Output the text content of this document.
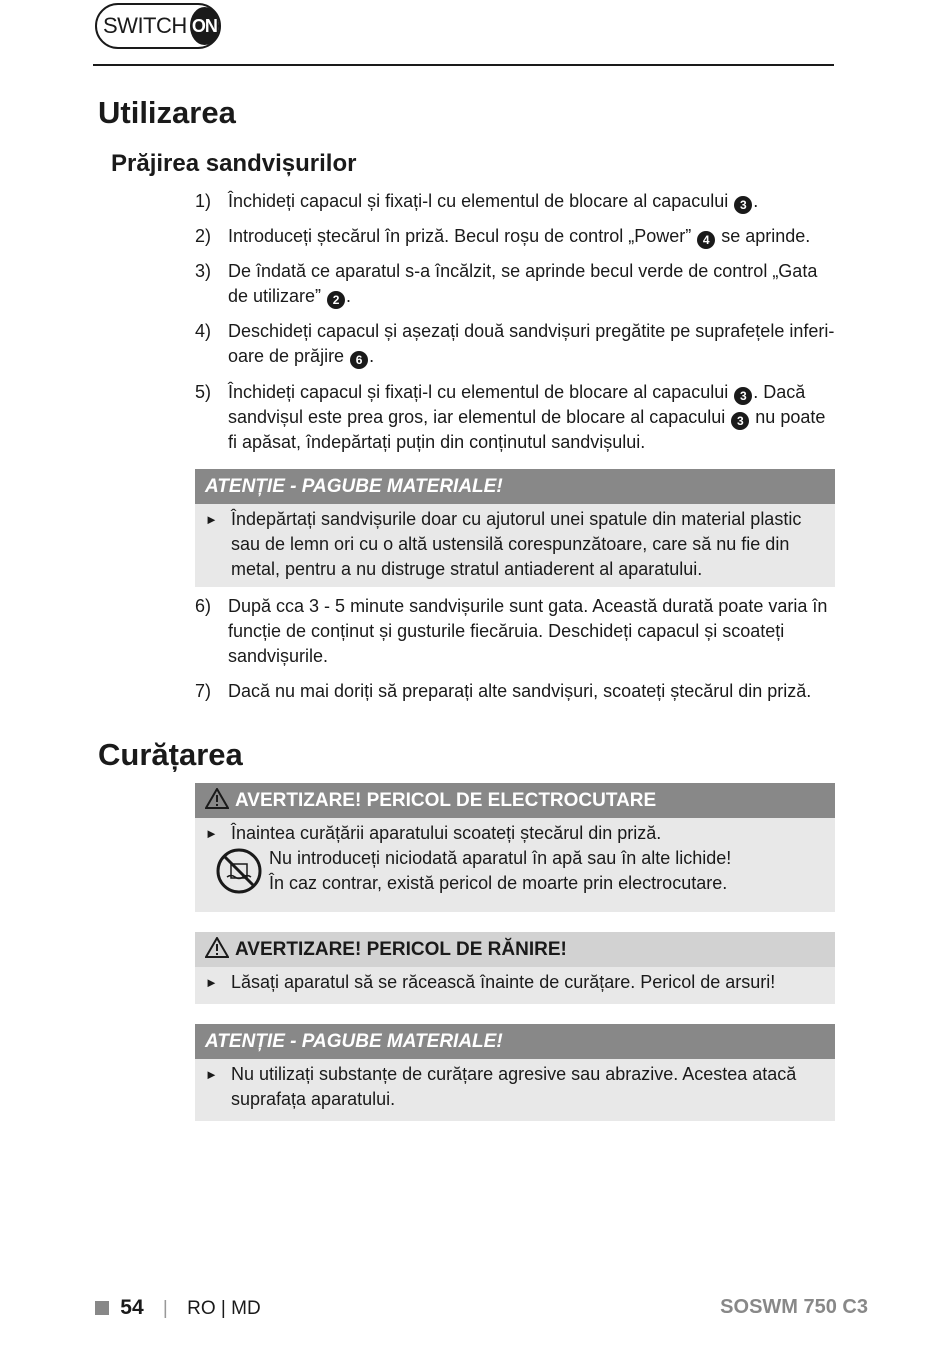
SWITCH ON
Utilizarea
Prăjirea sandvișurilor
1) Închideți capacul și fixați-l cu elementul de blocare al capacului 3 .
2) Introduceți ștecărul în priză. Becul roșu de control „Power” 4 se aprinde.
3) De îndată ce aparatul s-a încălzit, se aprinde becul verde de control „Gata de utilizare” 2 .
4) Deschideți capacul și așezați două sandvișuri pregătite pe suprafețele inferi-oare de prăjire 6 .
5) Închideți capacul și fixați-l cu elementul de blocare al capacului 3 . Dacă sandvișul este prea gros, iar elementul de blocare al capacului 3 nu poate fi apăsat, îndepărtați puțin din conținutul sandvișului.
ATENȚIE - PAGUBE MATERIALE!
► Îndepărtați sandvișurile doar cu ajutorul unei spatule din material plastic sau de lemn ori cu o altă ustensilă corespunzătoare, care să nu fie din metal, pentru a nu distruge stratul antiaderent al aparatului.
6) După cca 3 - 5 minute sandvișurile sunt gata. Această durată poate varia în funcție de conținut și gusturile fiecăruia. Deschideți capacul și scoateți sandvișurile.
7) Dacă nu mai doriți să preparați alte sandvișuri, scoateți ștecărul din priză.
Curățarea
AVERTIZARE! PERICOL DE ELECTROCUTARE
► Înaintea curățării aparatului scoateți ștecărul din priză.
Nu introduceți niciodată aparatul în apă sau în alte lichide!
În caz contrar, există pericol de moarte prin electrocutare.
AVERTIZARE! PERICOL DE RĂNIRE!
► Lăsați aparatul să se răcească înainte de curățare. Pericol de arsuri!
ATENȚIE - PAGUBE MATERIALE!
► Nu utilizați substanțe de curățare agresive sau abrazive. Acestea atacă suprafața aparatului.
54 | RO | MD	SOSWM 750 C3
